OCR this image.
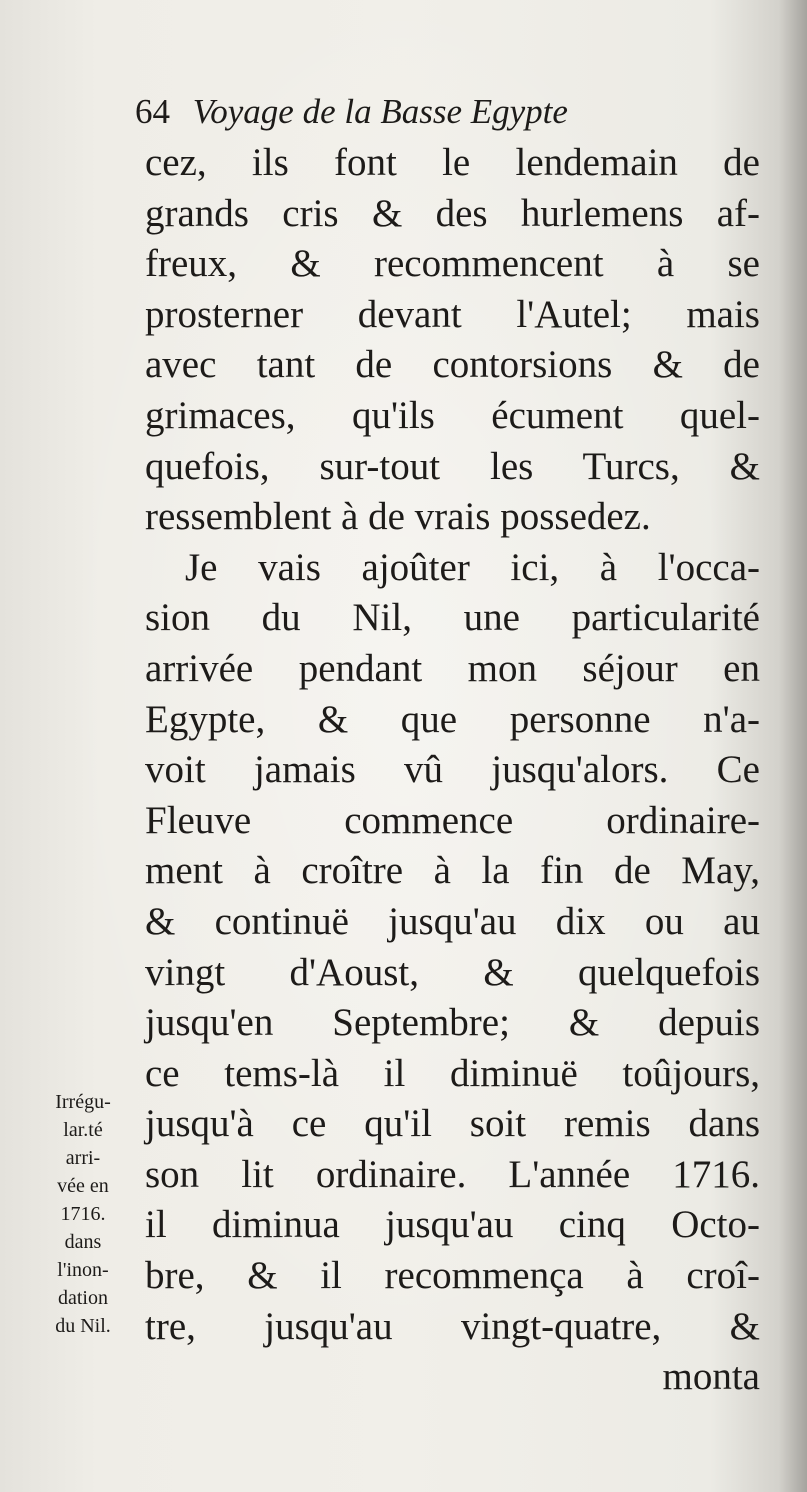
64 Voyage de la Basse Egypte
cez, ils font le lendemain de
grands cris & des hurlemens af-
freux, & recommencent à se
prosterner devant l'Autel; mais
avec tant de contorsions & de
grimaces, qu'ils écument quel-
quefois, sur-tout les Turcs, &
ressemblent à de vrais possedez.
Je vais ajoûter ici, à l'occa-
sion du Nil, une particularité
arrivée pendant mon séjour en
Egypte, & que personne n'a-
voit jamais vû jusqu'alors. Ce
Fleuve commence ordinaire-
ment à croître à la fin de May,
& continuë jusqu'au dix ou au
vingt d'Aoust, & quelquefois
jusqu'en Septembre; & depuis
ce tems-là il diminuë toûjours,
jusqu'à ce qu'il soit remis dans
son lit ordinaire. L'année 1716.
il diminua jusqu'au cinq Octo-
bre, & il recommença à croî-
tre, jusqu'au vingt-quatre, &
monta
Irrégu-
lar.té
arri-
vée en
1716.
dans
l'inon-
dation
du Nil.
